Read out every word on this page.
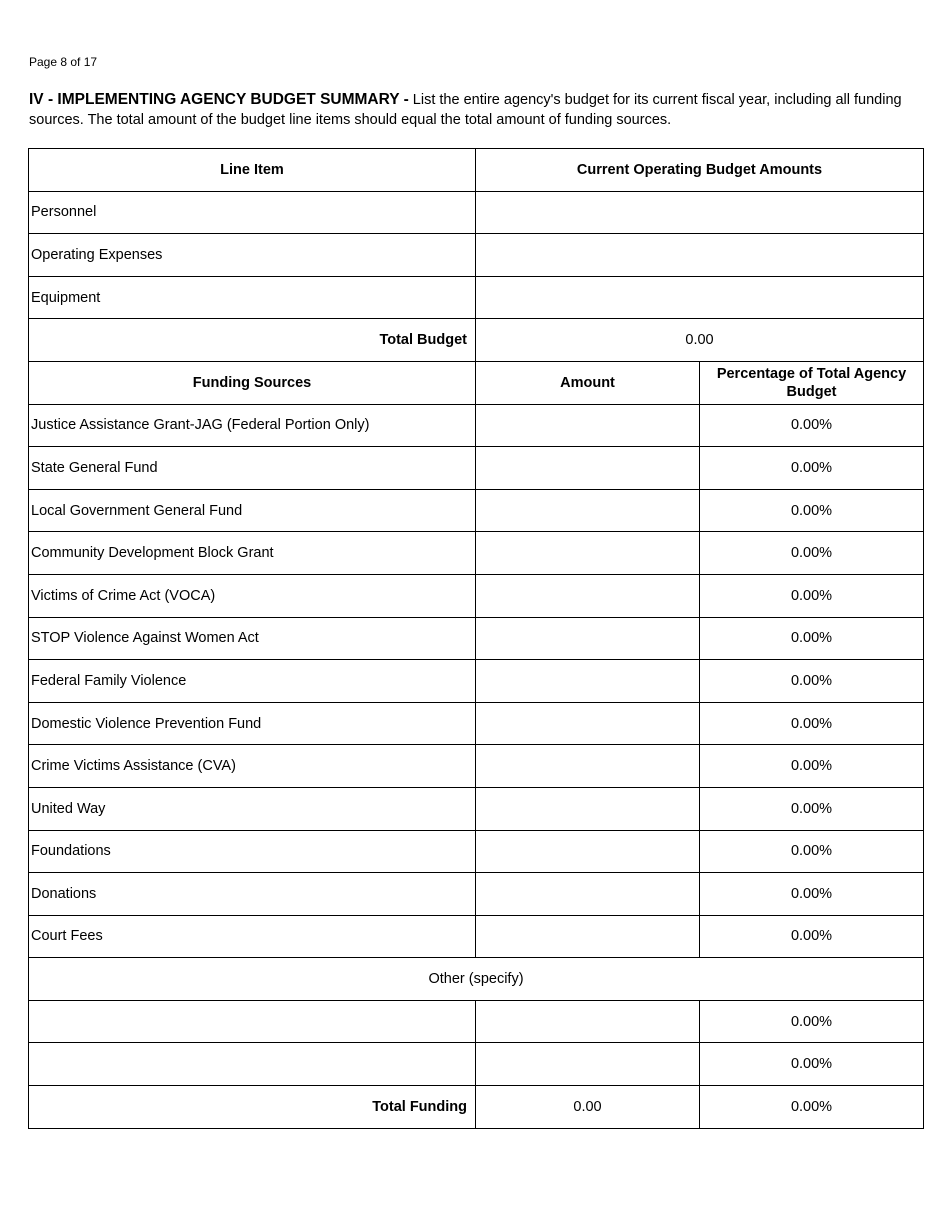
Page 8 of 17
IV - IMPLEMENTING AGENCY BUDGET SUMMARY - List the entire agency's budget for its current fiscal year, including all funding sources. The total amount of the budget line items should equal the total amount of funding sources.
Line Item	Current Operating Budget Amounts	
Personnel		
Operating Expenses		
Equipment		
Total Budget	0.00	
Funding Sources	Amount	Percentage of Total Agency Budget
Justice Assistance Grant-JAG (Federal Portion Only)		0.00%
State General Fund		0.00%
Local Government General Fund		0.00%
Community Development Block Grant		0.00%
Victims of Crime Act (VOCA)		0.00%
STOP Violence Against Women Act		0.00%
Federal Family Violence		0.00%
Domestic Violence Prevention Fund		0.00%
Crime Victims Assistance (CVA)		0.00%
United Way		0.00%
Foundations		0.00%
Donations		0.00%
Court Fees		0.00%
Other (specify)		
		0.00%
		0.00%
Total Funding	0.00	0.00%
